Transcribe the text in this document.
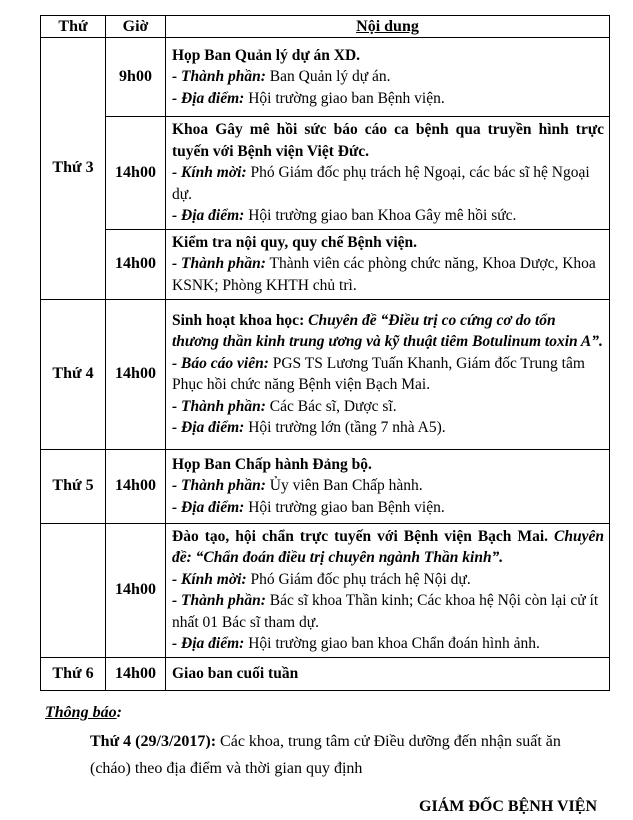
Thứ	Giờ	Nội dung
Thứ 3	9h00	Họp Ban Quản lý dự án XD.
- Thành phần: Ban Quản lý dự án.
- Địa điểm: Hội trường giao ban Bệnh viện.

	14h00	Khoa Gây mê hồi sức báo cáo ca bệnh qua truyền hình trực tuyến với Bệnh viện Việt Đức.
- Kính mời: Phó Giám đốc phụ trách hệ Ngoại, các bác sĩ hệ Ngoại dự.
- Địa điểm: Hội trường giao ban Khoa Gây mê hồi sức.

	14h00	Kiểm tra nội quy, quy chế Bệnh viện.
- Thành phần: Thành viên các phòng chức năng, Khoa Dược, Khoa KSNK; Phòng KHTH chủ trì.

Thứ 4	14h00	Sinh hoạt khoa học: Chuyên đề “Điều trị co cứng cơ do tổn thương thần kinh trung ương và kỹ thuật tiêm Botulinum toxin A”.
- Báo cáo viên: PGS TS Lương Tuấn Khanh, Giám đốc Trung tâm Phục hồi chức năng Bệnh viện Bạch Mai.
- Thành phần: Các Bác sĩ, Dược sĩ.
- Địa điểm: Hội trường lớn (tầng 7 nhà A5).

Thứ 5	14h00	Họp Ban Chấp hành Đảng bộ.
- Thành phần: Ủy viên Ban Chấp hành.
- Địa điểm: Hội trường giao ban Bệnh viện.

	14h00	Đào tạo, hội chẩn trực tuyến với Bệnh viện Bạch Mai. Chuyên đề: “Chẩn đoán điều trị chuyên ngành Thần kinh”.
- Kính mời: Phó Giám đốc phụ trách hệ Nội dự.
- Thành phần: Bác sĩ khoa Thần kinh; Các khoa hệ Nội còn lại cử ít nhất 01 Bác sĩ tham dự.
- Địa điểm: Hội trường giao ban khoa Chẩn đoán hình ảnh.

Thứ 6	14h00	Giao ban cuối tuần
Thông báo:

Thứ 4 (29/3/2017): Các khoa, trung tâm cử Điều dưỡng đến nhận suất ăn (cháo) theo địa điểm và thời gian quy định

GIÁM ĐỐC BỆNH VIỆN
